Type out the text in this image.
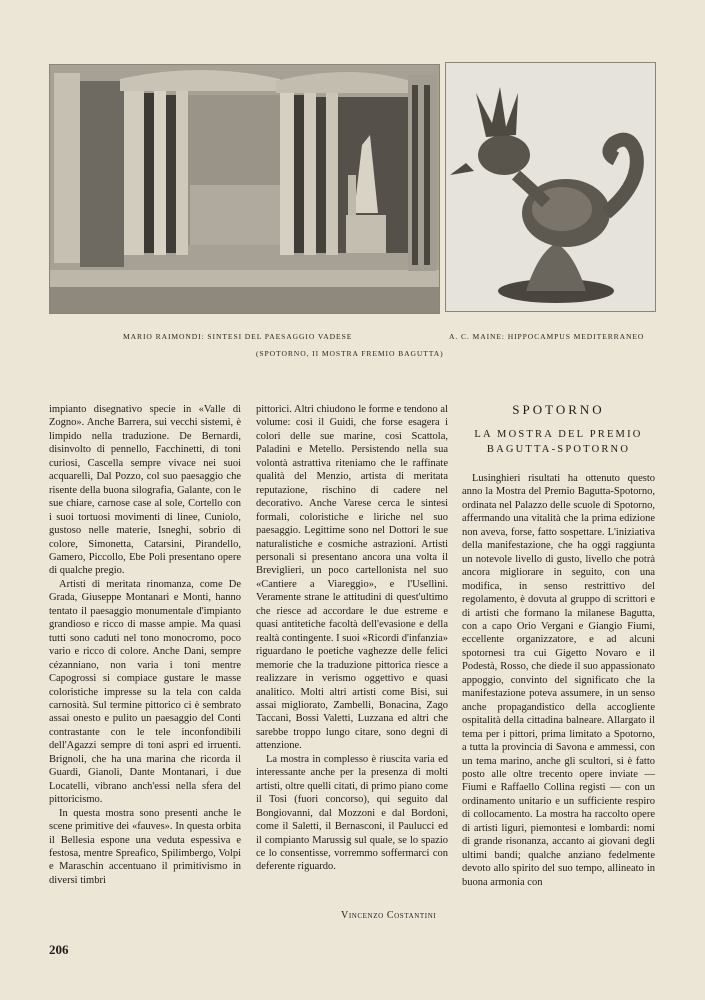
MARIO RAIMONDI: SINTESI DEL PAESAGGIO VADESE
(SPOTORNO, II MOSTRA FREMIO BAGUTTA)
A. C. MAINE: HIPPOCAMPUS MEDITERRANEO

impianto disegnativo specie in «Valle di Zogno». Anche Barrera, sui vecchi sistemi, è limpido nella traduzione. De Bernardi, disinvolto di pennello, Facchinetti, di toni curiosi, Cascella sempre vivace nei suoi acquarelli, Dal Pozzo, col suo paesaggio che risente della buona silografia, Galante, con le sue chiare, carnose case al sole, Cortello con i suoi tortuosi movimenti di linee, Cuniolo, gustoso nelle materie, Isneghi, sobrio di colore, Simonetta, Catarsini, Pirandello, Gamero, Piccollo, Ebe Poli presentano opere di qualche pregio.

Artisti di meritata rinomanza, come De Grada, Giuseppe Montanari e Monti, hanno tentato il paesaggio monumentale d'impianto grandioso e ricco di masse ampie. Ma quasi tutti sono caduti nel tono monocromo, poco vario e ricco di colore. Anche Dani, sempre cézanniano, non varia i toni mentre Capogrossi si compiace gustare le masse coloristiche impresse su la tela con calda carnosità. Sul termine pittorico ci è sembrato assai onesto e pulito un paesaggio del Conti contrastante con le tele inconfondibili dell'Agazzi sempre di toni aspri ed irruenti. Brignoli, che ha una marina che ricorda il Guardi, Gianoli, Dante Montanari, i due Locatelli, vibrano anch'essi nella sfera del pittoricismo.

In questa mostra sono presenti anche le scene primitive dei «fauves». In questa orbita il Bellesia espone una veduta espessiva e festosa, mentre Spreafico, Spilimbergo, Volpi e Maraschin accentuano il primitivismo in diversi timbri

pittorici. Altri chiudono le forme e tendono al volume: così il Guidi, che forse esagera i colori delle sue marine, così Scattola, Paladini e Metello. Persistendo nella sua volontà astrattiva riteniamo che le raffinate qualità del Menzio, artista di meritata reputazione, rischino di cadere nel decorativo. Anche Varese cerca le sintesi formali, coloristiche e liriche nel suo paesaggio. Legittime sono nel Dottori le sue naturalistiche e cosmiche astrazioni. Artisti personali si presentano ancora una volta il Breviglieri, un poco cartellonista nel suo «Cantiere a Viareggio», e l'Usellini. Veramente strane le attitudini di quest'ultimo che riesce ad accordare le due estreme e quasi antitetiche facoltà dell'evasione e della realtà contingente. I suoi «Ricordi d'infanzia» riguardano le poetiche vaghezze delle felici memorie che la traduzione pittorica riesce a realizzare in verismo oggettivo e quasi analitico. Molti altri artisti come Bisi, sui assai migliorato, Zambelli, Bonacina, Zago Taccani, Bossi Valetti, Luzzana ed altri che sarebbe troppo lungo citare, sono degni di attenzione.

La mostra in complesso è riuscita varia ed interessante anche per la presenza di molti artisti, oltre quelli citati, di primo piano come il Tosi (fuori concorso), qui seguito dal Bongiovanni, dal Mozzoni e dal Bordoni, come il Saletti, il Bernasconi, il Paulucci ed il compianto Marussig sul quale, se lo spazio ce lo consentisse, vorremmo soffermarci con deferente riguardo.

Vincenzo Costantini
SPOTORNO
LA MOSTRA DEL PREMIO
BAGUTTA-SPOTORNO

Lusinghieri risultati ha ottenuto questo anno la Mostra del Premio Bagutta-Spotorno, ordinata nel Palazzo delle scuole di Spotorno, affermando una vitalità che la prima edizione non aveva, forse, fatto sospettare. L'iniziativa della manifestazione, che ha oggi raggiunta un notevole livello di gusto, livello che potrà ancora migliorare in seguito, con una modifica, in senso restrittivo del regolamento, è dovuta al gruppo di scrittori e di artisti che formano la milanese Bagutta, con a capo Orio Vergani e Giangio Fiumi, eccellente organizzatore, e ad alcuni spotornesi tra cui Gigetto Novaro e il Podestà, Rosso, che diede il suo appassionato appoggio, convinto del significato che la manifestazione poteva assumere, in un senso anche propagandistico della accogliente ospitalità della cittadina balneare. Allargato il tema per i pittori, prima limitato a Spotorno, a tutta la provincia di Savona e ammessi, con un tema marino, anche gli scultori, si è fatto posto alle oltre trecento opere inviate — Fiumi e Raffaello Collina registi — con un ordinamento unitario e un sufficiente respiro di collocamento. La mostra ha raccolto opere di artisti liguri, piemontesi e lombardi: nomi di grande risonanza, accanto ai giovani degli ultimi bandi; qualche anziano fedelmente devoto allo spirito del suo tempo, allineato in buona armonia con

206
